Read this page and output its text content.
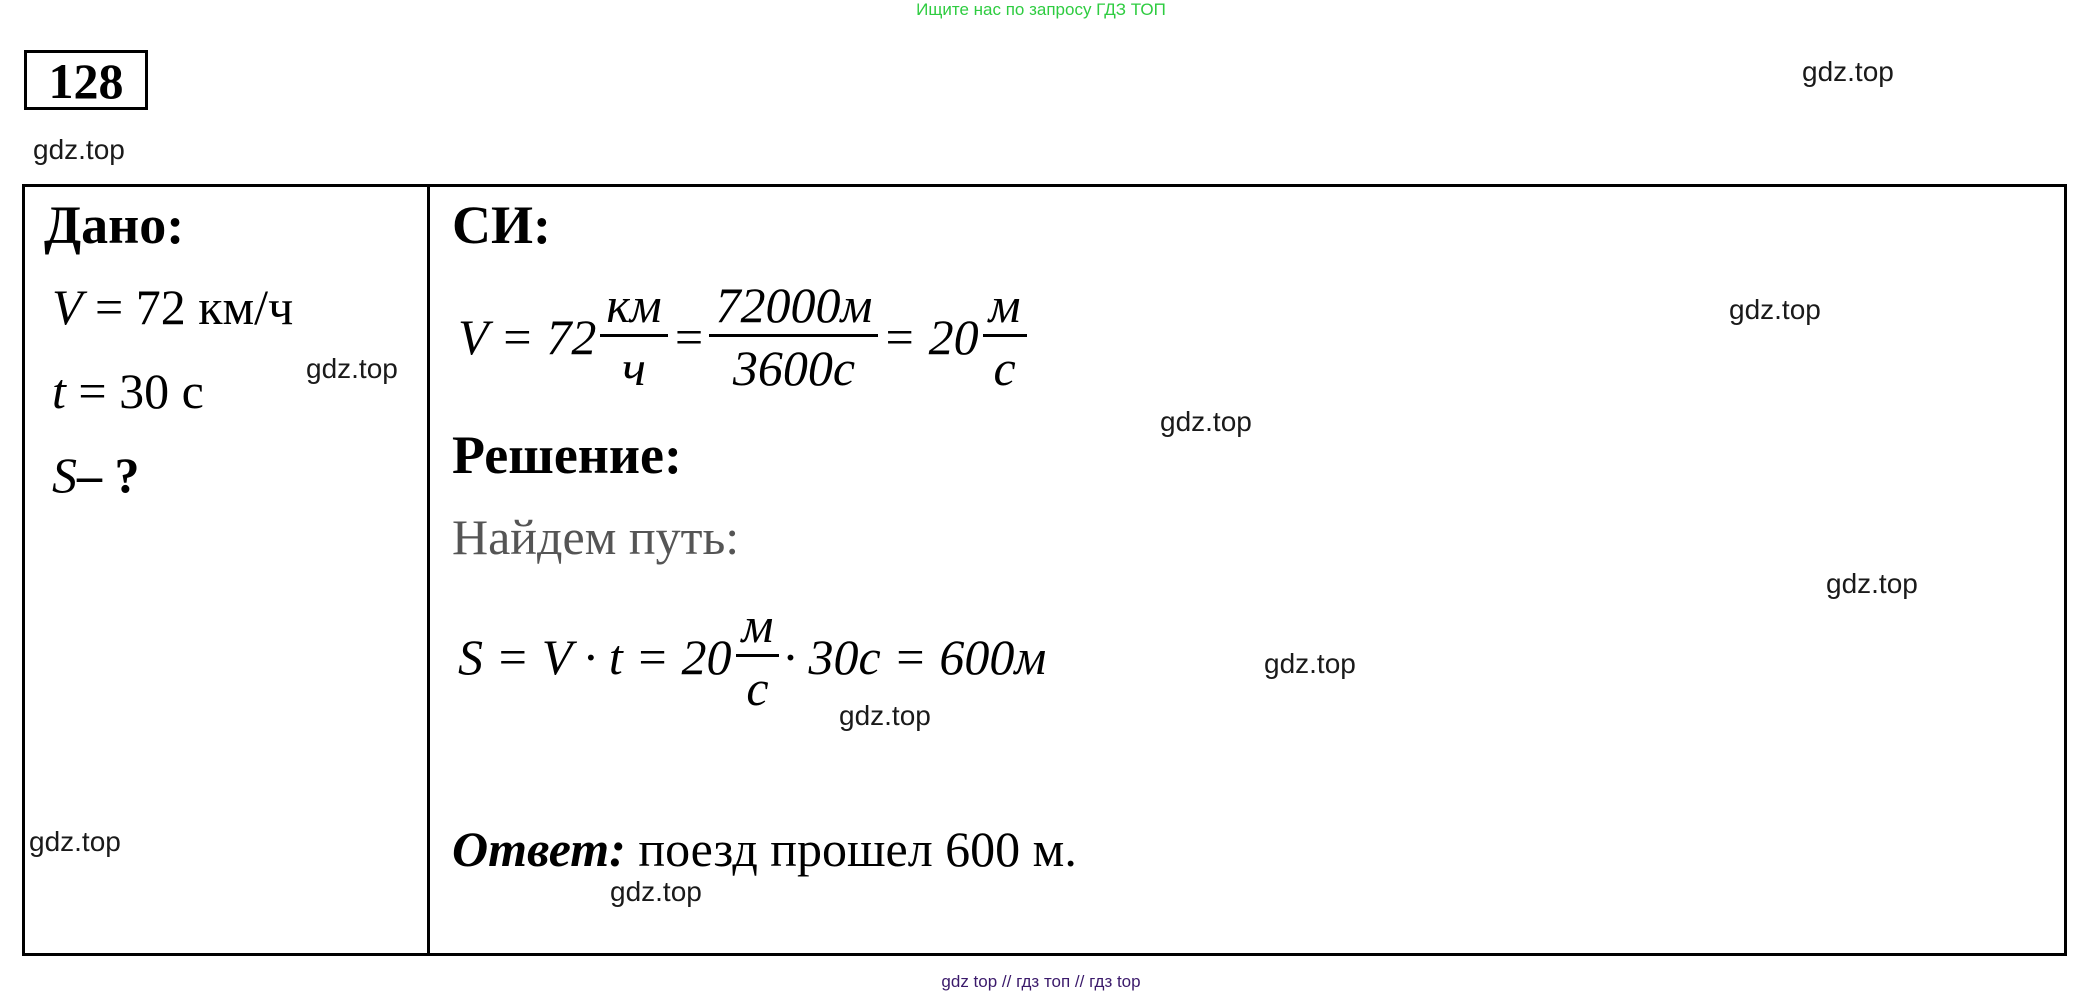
Ищите нас по запросу ГДЗ ТОП
128	gdz.top
gdz.top
Дано:
V = 72 км/ч
t = 30 с
S– ?
gdz.top
СИ:
$V = 72 \frac{км}{ч} = \frac{72000м}{3600с} = 20 \frac{м}{с}$	gdz.top
gdz.top
Решение:
Найдем путь:
gdz.top
$S = V \cdot t = 20 \frac{м}{с} \cdot 30с = 600м$	gdz.top
gdz.top
Ответ: поезд прошел 600 м.
gdz.top
gdz.top
gdz top // гдз топ // гдз top
